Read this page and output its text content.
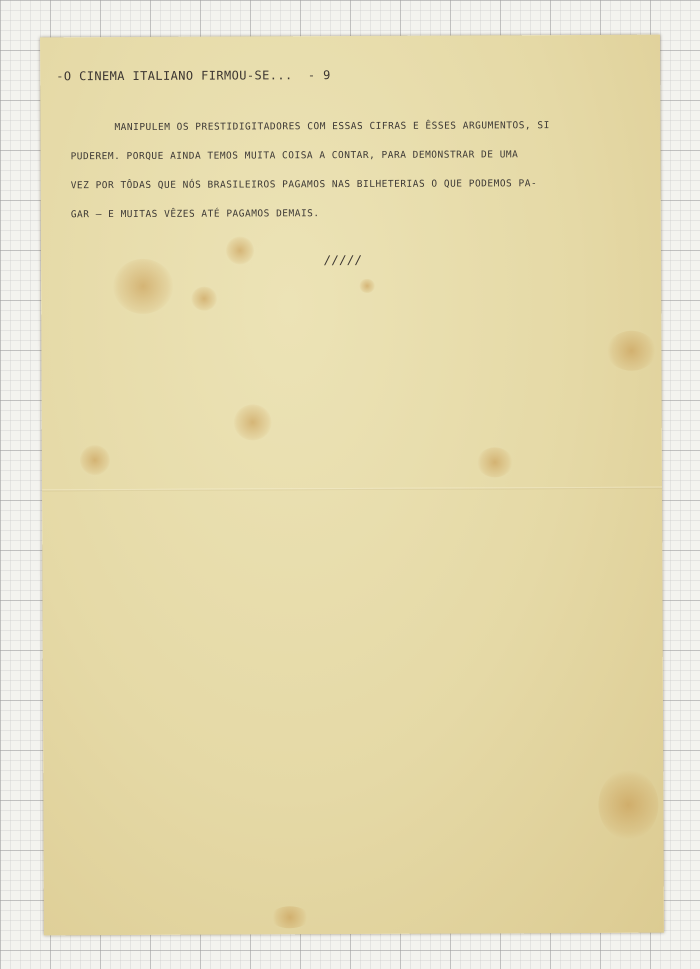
-O CINEMA ITALIANO FIRMOU-SE...  - 9
MANIPULEM OS PRESTIDIGITADORES COM ESSAS CIFRAS E ÊSSES ARGUMENTOS, SI
PUDEREM. PORQUE AINDA TEMOS MUITA COISA A CONTAR, PARA DEMONSTRAR DE UMA
VEZ POR TÔDAS QUE NÓS BRASILEIROS PAGAMOS NAS BILHETERIAS O QUE PODEMOS PA-
GAR — E MUITAS VÊZES ATÉ PAGAMOS DEMAIS.
/////
